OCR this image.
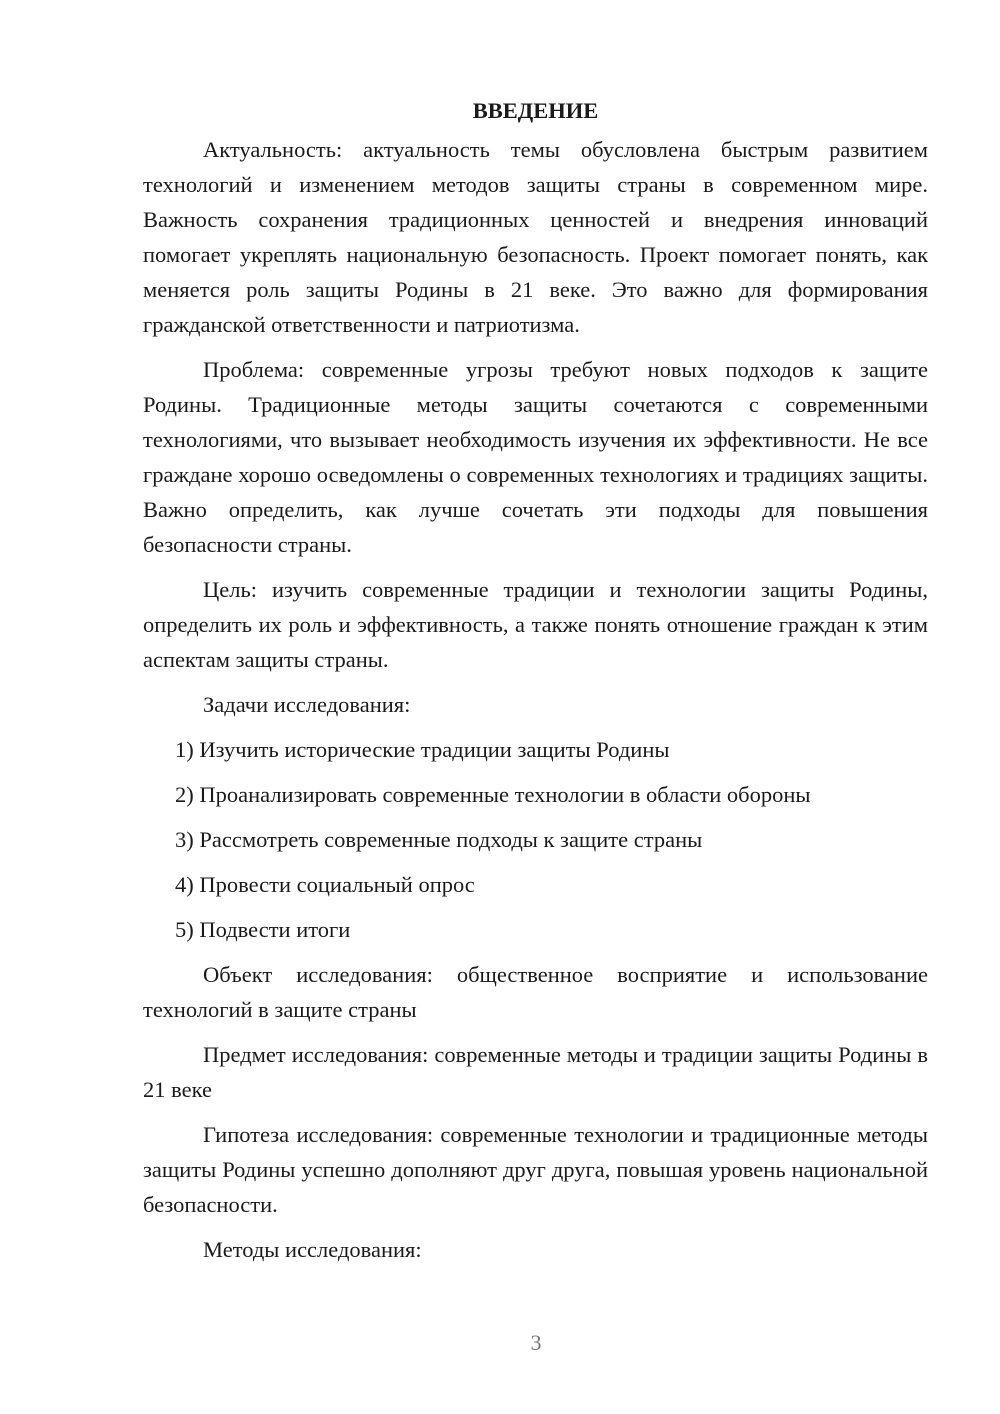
ВВЕДЕНИЕ

Актуальность: актуальность темы обусловлена быстрым развитием технологий и изменением методов защиты страны в современном мире. Важность сохранения традиционных ценностей и внедрения инноваций помогает укреплять национальную безопасность. Проект помогает понять, как меняется роль защиты Родины в 21 веке. Это важно для формирования гражданской ответственности и патриотизма.

Проблема: современные угрозы требуют новых подходов к защите Родины. Традиционные методы защиты сочетаются с современными технологиями, что вызывает необходимость изучения их эффективности. Не все граждане хорошо осведомлены о современных технологиях и традициях защиты. Важно определить, как лучше сочетать эти подходы для повышения безопасности страны.

Цель: изучить современные традиции и технологии защиты Родины, определить их роль и эффективность, а также понять отношение граждан к этим аспектам защиты страны.

Задачи исследования:

1) Изучить исторические традиции защиты Родины
2) Проанализировать современные технологии в области обороны
3) Рассмотреть современные подходы к защите страны
4) Провести социальный опрос
5) Подвести итоги

Объект исследования: общественное восприятие и использование технологий в защите страны

Предмет исследования: современные методы и традиции защиты Родины в 21 веке

Гипотеза исследования: современные технологии и традиционные методы защиты Родины успешно дополняют друг друга, повышая уровень национальной безопасности.

Методы исследования:

3
